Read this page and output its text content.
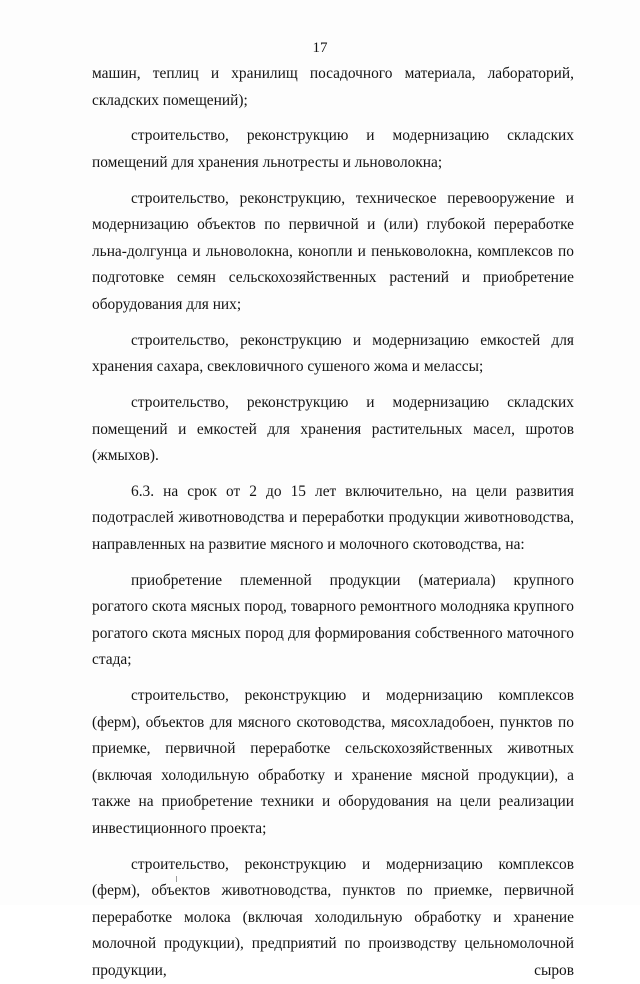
17

машин, теплиц и хранилищ посадочного материала, лабораторий, складских помещений);

строительство, реконструкцию и модернизацию складских помещений для хранения льнотресты и льноволокна;

строительство, реконструкцию, техническое перевооружение и модернизацию объектов по первичной и (или) глубокой переработке льна-долгунца и льноволокна, конопли и пеньковолокна, комплексов по подготовке семян сельскохозяйственных растений и приобретение оборудования для них;

строительство, реконструкцию и модернизацию емкостей для хранения сахара, свекловичного сушеного жома и мелассы;

строительство, реконструкцию и модернизацию складских помещений и емкостей для хранения растительных масел, шротов (жмыхов).

6.3. на срок от 2 до 15 лет включительно, на цели развития подотраслей животноводства и переработки продукции животноводства, направленных на развитие мясного и молочного скотоводства, на:

приобретение племенной продукции (материала) крупного рогатого скота мясных пород, товарного ремонтного молодняка крупного рогатого скота мясных пород для формирования собственного маточного стада;

строительство, реконструкцию и модернизацию комплексов (ферм), объектов для мясного скотоводства, мясохладобоен, пунктов по приемке, первичной переработке сельскохозяйственных животных (включая холодильную обработку и хранение мясной продукции), а также на приобретение техники и оборудования на цели реализации инвестиционного проекта;

строительство, реконструкцию и модернизацию комплексов (ферм), объектов животноводства, пунктов по приемке, первичной переработке молока (включая холодильную обработку и хранение молочной продукции), предприятий по производству цельномолочной продукции, сыров
